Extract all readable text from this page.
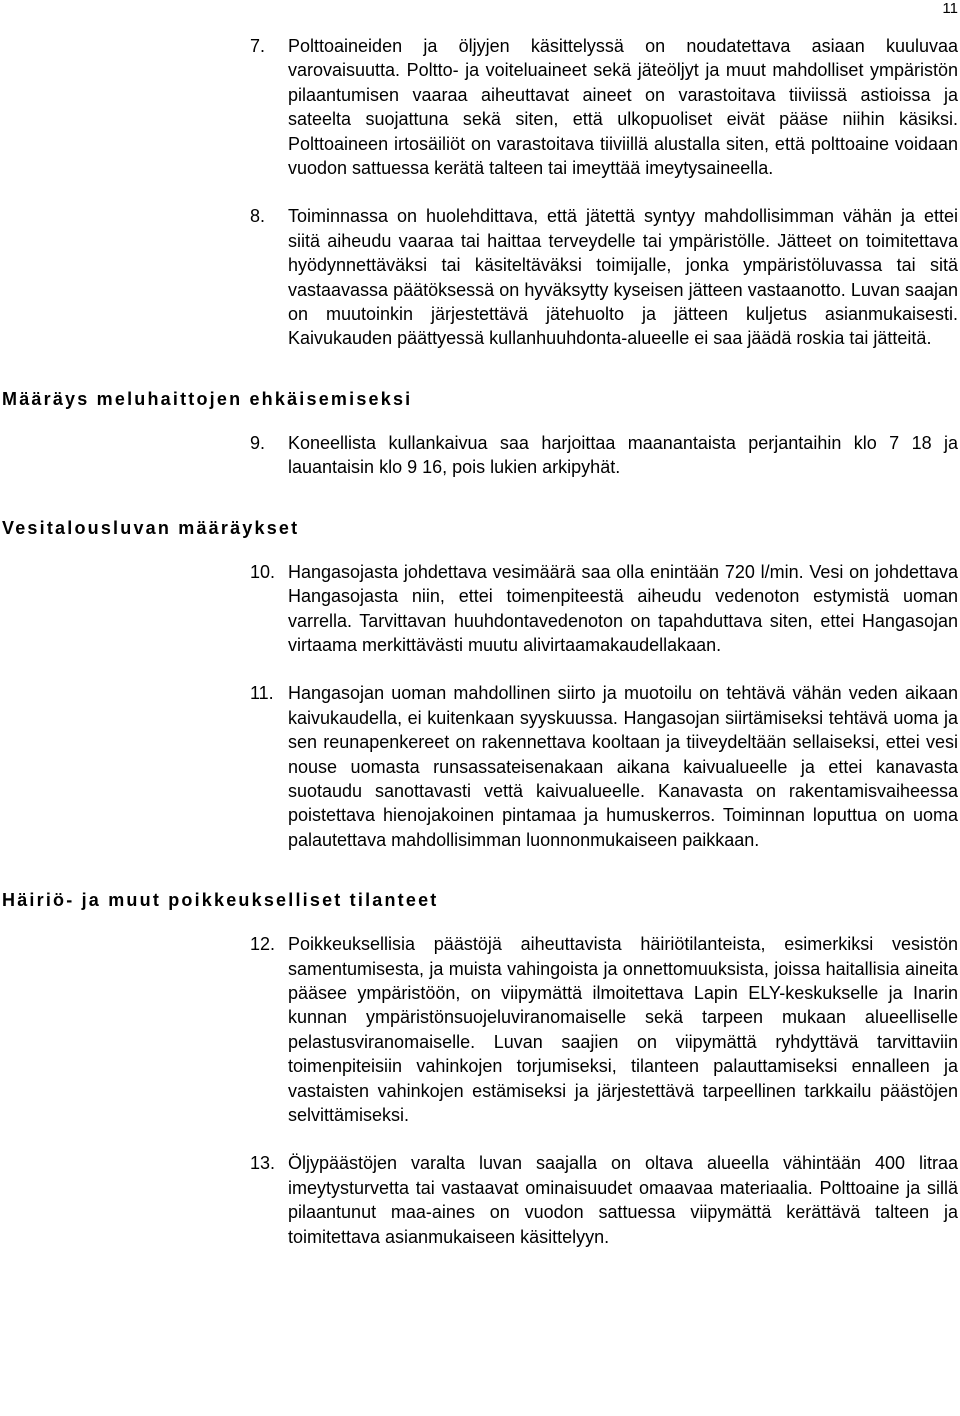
11
7.	Polttoaineiden ja öljyjen käsittelyssä on noudatettava asiaan kuuluvaa varovaisuutta. Poltto- ja voiteluaineet sekä jäteöljyt ja muut mahdolliset ympäristön pilaantumisen vaaraa aiheuttavat aineet on varastoitava tiiviissä astioissa ja sateelta suojattuna sekä siten, että ulkopuoliset eivät pääse niihin käsiksi. Polttoaineen irtosäiliöt on varastoitava tiiviillä alustalla siten, että polttoaine voidaan vuodon sattuessa kerätä talteen tai imeyttää imeytysaineella.
8.	Toiminnassa on huolehdittava, että jätettä syntyy mahdollisimman vähän ja ettei siitä aiheudu vaaraa tai haittaa terveydelle tai ympäristölle. Jätteet on toimitettava hyödynnettäväksi tai käsiteltäväksi toimijalle, jonka ympäristöluvassa tai sitä vastaavassa päätöksessä on hyväksytty kyseisen jätteen vastaanotto. Luvan saajan on muutoinkin järjestettävä jätehuolto ja jätteen kuljetus asianmukaisesti. Kaivukauden päättyessä kullanhuuhdonta-alueelle ei saa jäädä roskia tai jätteitä.
Määräys meluhaittojen ehkäisemiseksi
9.	Koneellista kullankaivua saa harjoittaa maanantaista perjantaihin klo 7 18 ja lauantaisin klo 9 16, pois lukien arkipyhät.
Vesitalousluvan määräykset
10. Hangasojasta johdettava vesimäärä saa olla enintään 720 l/min. Vesi on johdettava Hangasojasta niin, ettei toimenpiteestä aiheudu vedenoton estymistä uoman varrella. Tarvittavan huuhdontavedenoton on tapahduttava siten, ettei Hangasojan virtaama merkittävästi muutu alivirtaamakaudellakaan.
11. Hangasojan uoman mahdollinen siirto ja muotoilu on tehtävä vähän veden aikaan kaivukaudella, ei kuitenkaan syyskuussa. Hangasojan siirtämiseksi tehtävä uoma ja sen reunapenkereet on rakennettava kooltaan ja tiiveydeltään sellaiseksi, ettei vesi nouse uomasta runsassateisenakaan aikana kaivualueelle ja ettei kanavasta suotaudu sanottavasti vettä kaivualueelle. Kanavasta on rakentamisvaiheessa poistettava hienojakoinen pintamaa ja humuskerros. Toiminnan loputtua on uoma palautettava mahdollisimman luonnonmukaiseen paikkaan.
Häiriö- ja muut poikkeukselliset tilanteet
12. Poikkeuksellisia päästöjä aiheuttavista häiriötilanteista, esimerkiksi vesistön samentumisesta, ja muista vahingoista ja onnettomuuksista, joissa haitallisia aineita pääsee ympäristöön, on viipymättä ilmoitettava Lapin ELY-keskukselle ja Inarin kunnan ympäristönsuojeluviranomaiselle sekä tarpeen mukaan alueelliselle pelastusviranomaiselle. Luvan saajien on viipymättä ryhdyttävä tarvittaviin toimenpiteisiin vahinkojen torjumiseksi, tilanteen palauttamiseksi ennalleen ja vastaisten vahinkojen estämiseksi ja järjestettävä tarpeellinen tarkkailu päästöjen selvittämiseksi.
13. Öljypäästöjen varalta luvan saajalla on oltava alueella vähintään 400 litraa imeytysturvetta tai vastaavat ominaisuudet omaavaa materiaalia. Polttoaine ja sillä pilaantunut maa-aines on vuodon sattuessa viipymättä kerättävä talteen ja toimitettava asianmukaiseen käsittelyyn.
